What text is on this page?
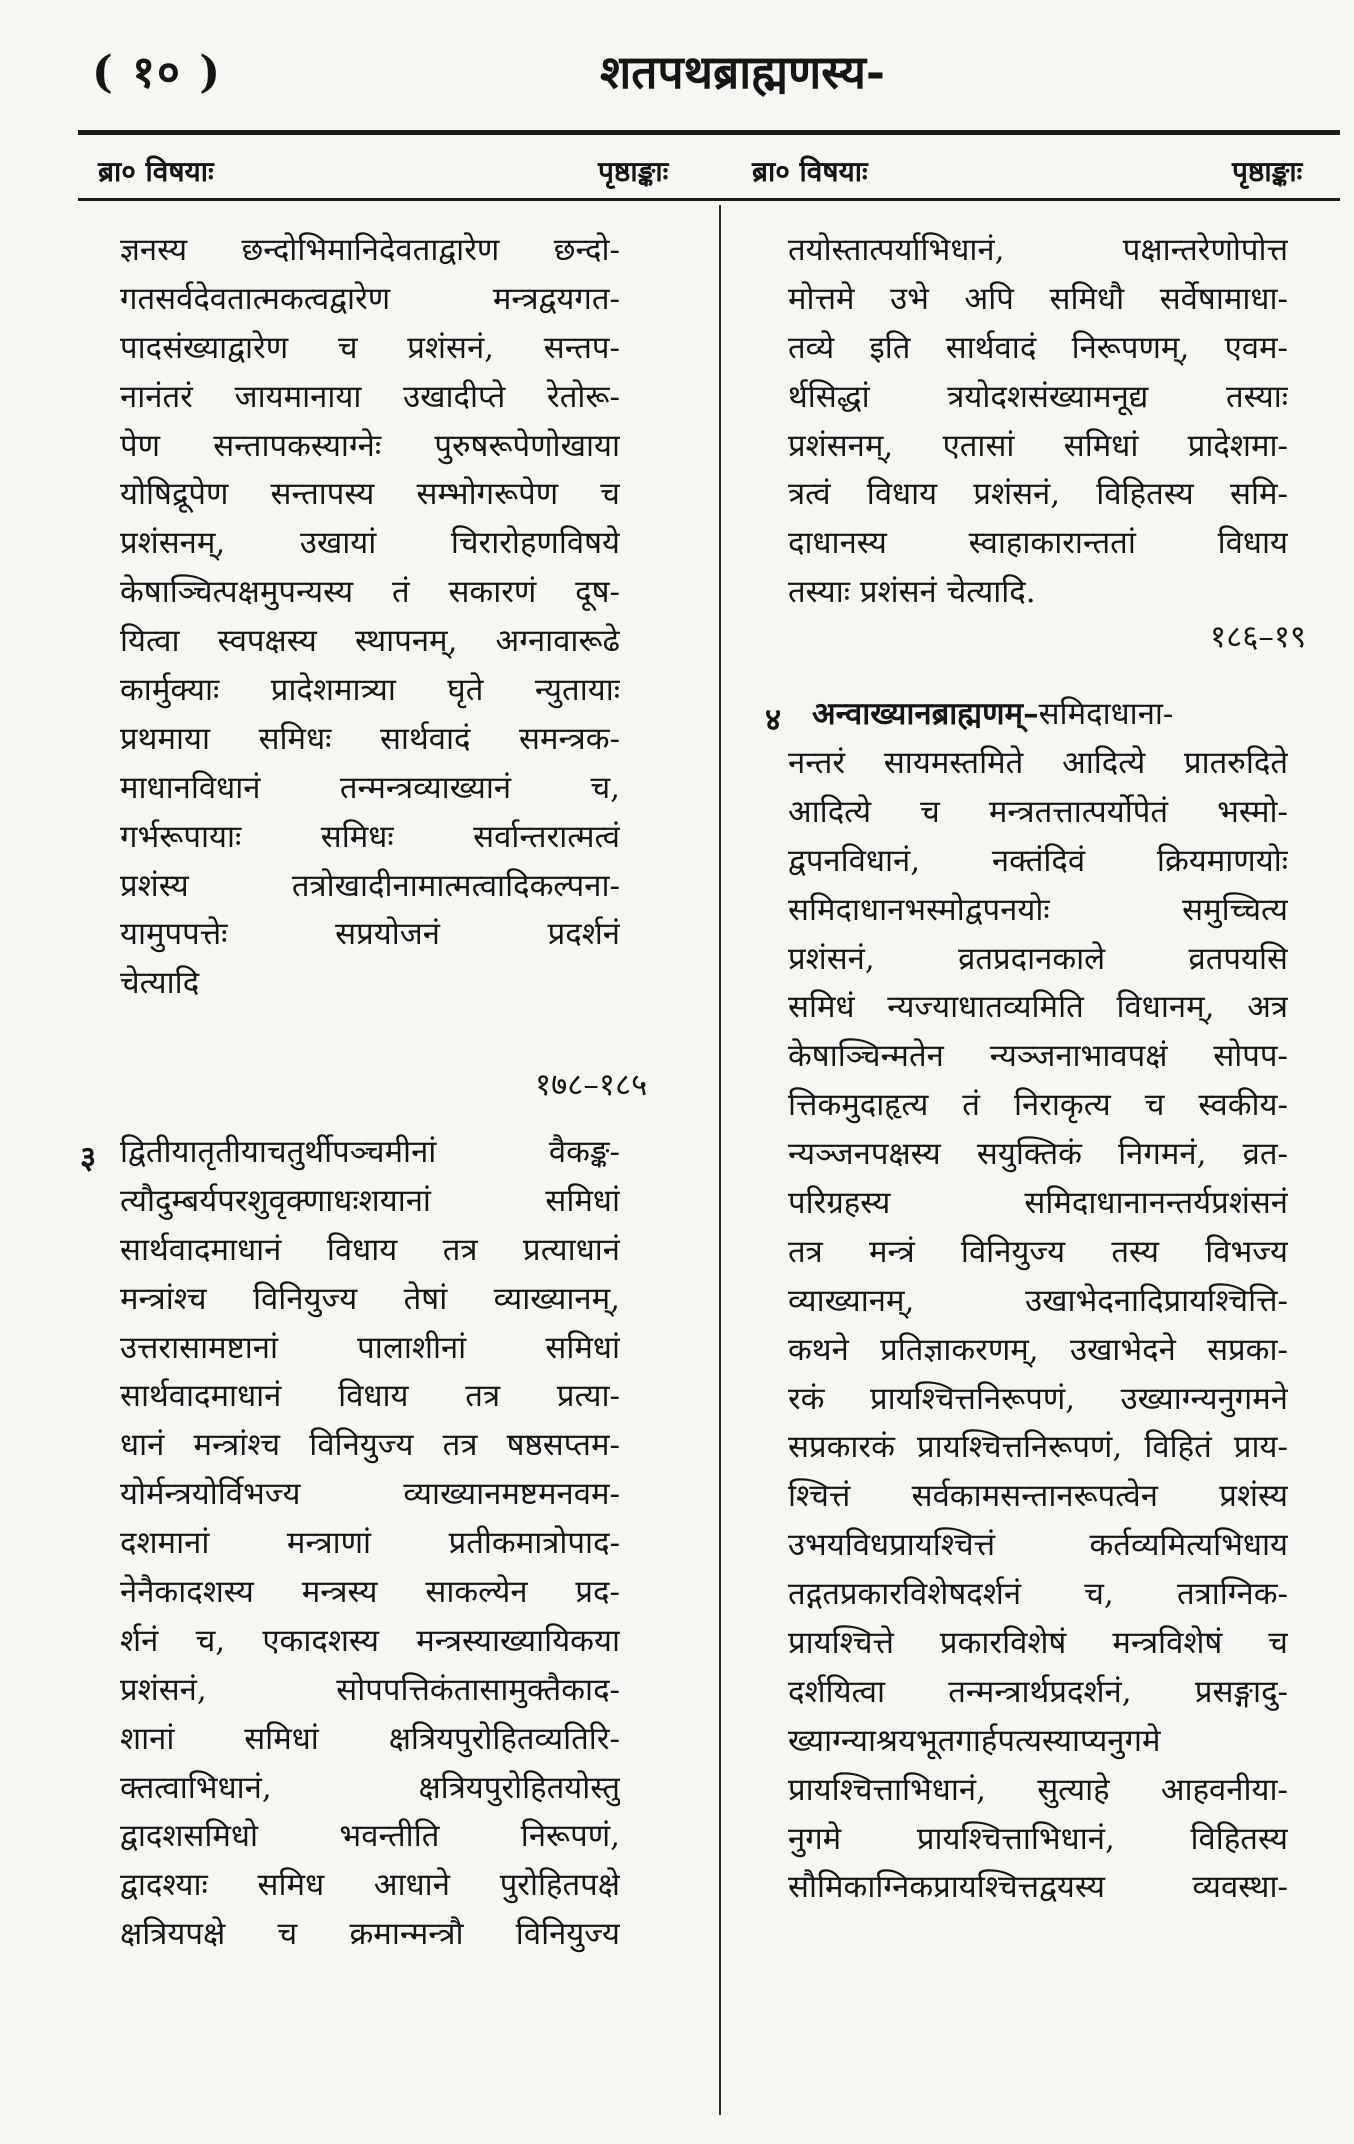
( १० )	शतपथब्राह्मणस्य-
ब्रा० विषयाः	पृष्ठाङ्काः	ब्रा० विषयाः	पृष्ठाङ्काः
ज्ञनस्य छन्दोभिमानिदेवताद्वारेण छन्दो-
गतसर्वदेवतात्मकत्वद्वारेण मन्त्रद्वयगत-
पादसंख्याद्वारेण च प्रशंसनं, सन्तप-
नानंतरं जायमानाया उखादीप्ते रेतोरू-
पेण सन्तापकस्याग्नेः पुरुषरूपेणोखाया
योषिद्रूपेण सन्तापस्य सम्भोगरूपेण च
प्रशंसनम्, उखायां चिरारोहणविषये
केषाञ्चित्पक्षमुपन्यस्य तं सकारणं दूष-
यित्वा स्वपक्षस्य स्थापनम्, अग्नावारूढे
कार्मुक्याः प्रादेशमात्र्या घृते न्युतायाः
प्रथमाया समिधः सार्थवादं समन्त्रक-
माधानविधानं तन्मन्त्रव्याख्यानं च,
गर्भरूपायाः समिधः सर्वान्तरात्मत्वं
प्रशंस्य तत्रोखादीनामात्मत्वादिकल्पना-
यामुपपत्तेः सप्रयोजनं प्रदर्शनं
चेत्यादि
१७८–१८५
३ द्वितीयातृतीयाचतुर्थीपञ्चमीनां वैकङ्क-
त्यौदुम्बर्यपरशुवृक्णाधःशयानां समिधां
सार्थवादमाधानं विधाय तत्र प्रत्याधानं
मन्त्रांश्च विनियुज्य तेषां व्याख्यानम्,
उत्तरासामष्टानां पालाशीनां समिधां
सार्थवादमाधानं विधाय तत्र प्रत्या-
धानं मन्त्रांश्च विनियुज्य तत्र षष्ठसप्तम-
योर्मन्त्रयोर्विभज्य व्याख्यानमष्टमनवम-
दशमानां मन्त्राणां प्रतीकमात्रोपाद-
नेनैकादशस्य मन्त्रस्य साकल्येन प्रद-
र्शनं च, एकादशस्य मन्त्रस्याख्यायिकया
प्रशंसनं, सोपपत्तिकंतासामुक्तैकाद-
शानां समिधां क्षत्रियपुरोहितव्यतिरि-
क्तत्वाभिधानं, क्षत्रियपुरोहितयोस्तु
द्वादशसमिधो भवन्तीति निरूपणं,
द्वादश्याः समिध आधाने पुरोहितपक्षे
क्षत्रियपक्षे च क्रमान्मन्त्रौ विनियुज्य
तयोस्तात्पर्याभिधानं, पक्षान्तरेणोपोत्त
मोत्तमे उभे अपि समिधौ सर्वेषामाधा-
तव्ये इति सार्थवादं निरूपणम्, एवम-
र्थसिद्धां त्रयोदशसंख्यामनूद्य तस्याः
प्रशंसनम्, एतासां समिधां प्रादेशमा-
त्रत्वं विधाय प्रशंसनं, विहितस्य समि-
दाधानस्य स्वाहाकारान्ततां विधाय
तस्याः प्रशंसनं चेत्यादि.
१८६–१९
४ अन्वाख्यानब्राह्मणम्–समिदाधाना-
नन्तरं सायमस्तमिते आदित्ये प्रातरुदिते
आदित्ये च मन्त्रतत्तात्पर्योपेतं भस्मो-
द्वपनविधानं, नक्तंदिवं क्रियमाणयोः
समिदाधानभस्मोद्वपनयोः समुच्चित्य
प्रशंसनं, व्रतप्रदानकाले व्रतपयसि
समिधं न्यज्याधातव्यमिति विधानम्, अत्र
केषाञ्चिन्मतेन न्यञ्जनाभावपक्षं सोपप-
त्तिकमुदाहृत्य तं निराकृत्य च स्वकीय-
न्यञ्जनपक्षस्य सयुक्तिकं निगमनं, व्रत-
परिग्रहस्य समिदाधानानन्तर्यप्रशंसनं
तत्र मन्त्रं विनियुज्य तस्य विभज्य
व्याख्यानम्, उखाभेदनादिप्रायश्चित्ति-
कथने प्रतिज्ञाकरणम्, उखाभेदने सप्रका-
रकं प्रायश्चित्तनिरूपणं, उख्याग्न्यनुगमने
सप्रकारकं प्रायश्चित्तनिरूपणं, विहितं प्राय-
श्चित्तं सर्वकामसन्तानरूपत्वेन प्रशंस्य
उभयविधप्रायश्चित्तं कर्तव्यमित्यभिधाय
तद्गतप्रकारविशेषदर्शनं च, तत्राग्निक-
प्रायश्चित्ते प्रकारविशेषं मन्त्रविशेषं च
दर्शयित्वा तन्मन्त्रार्थप्रदर्शनं, प्रसङ्गादु-
ख्याग्न्याश्रयभूतगार्हपत्यस्याप्यनुगमे
प्रायश्चित्ताभिधानं, सुत्याहे आहवनीया-
नुगमे प्रायश्चित्ताभिधानं, विहितस्य
सौमिकाग्निकप्रायश्चित्तद्वयस्य व्यवस्था-
